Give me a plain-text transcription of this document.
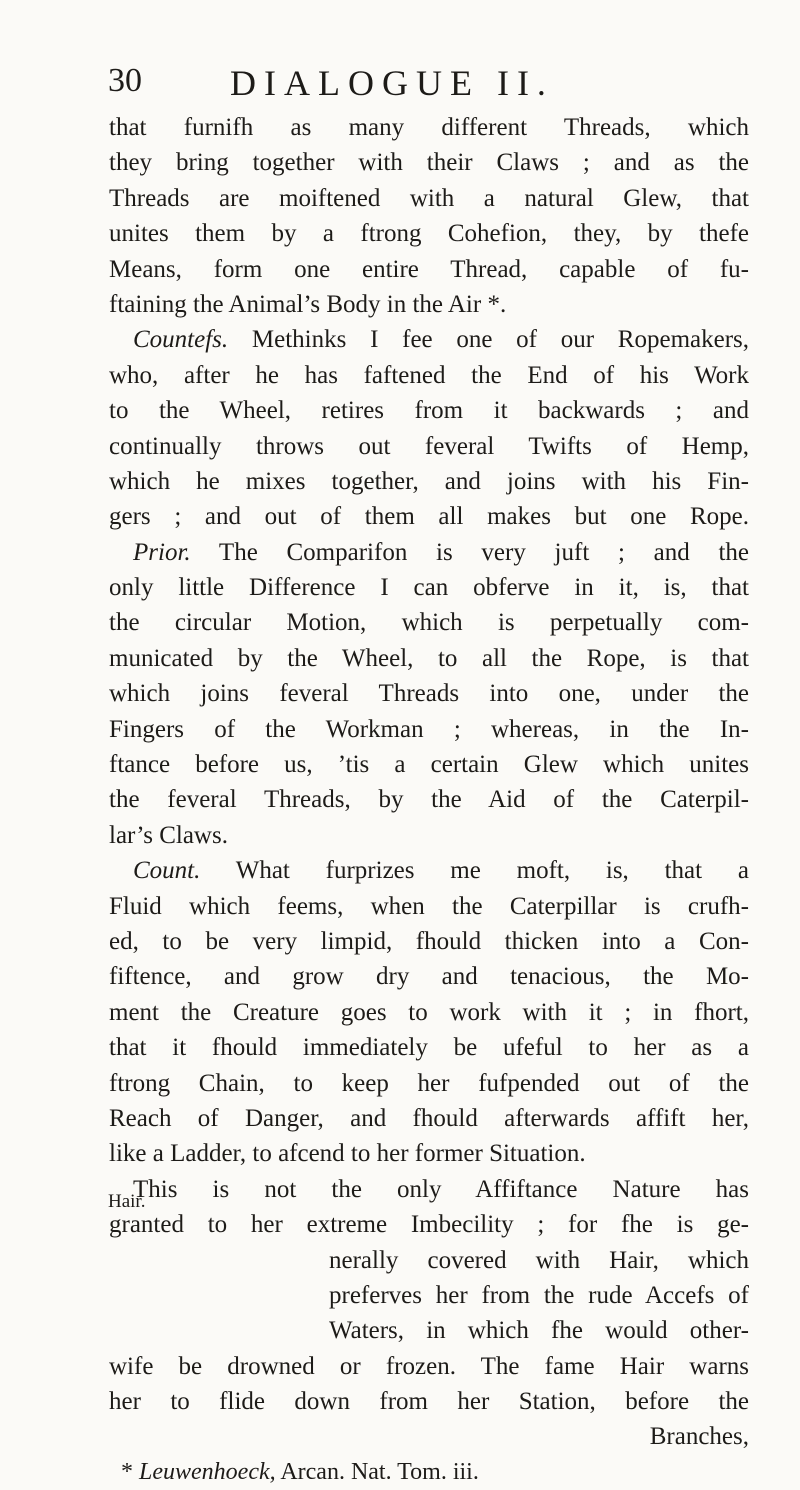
30 DIALOGUE II.
that furnifh as many different Threads, which
they bring together with their Claws ; and as the
Threads are moiftened with a natural Glew, that
unites them by a ftrong Cohefion, they, by thefe
Means, form one entire Thread, capable of fu-
ftaining the Animal’s Body in the Air *.
Countefs. Methinks I fee one of our Ropemakers,
who, after he has faftened the End of his Work
to the Wheel, retires from it backwards ; and
continually throws out feveral Twifts of Hemp,
which he mixes together, and joins with his Fin-
gers ; and out of them all makes but one Rope.
Prior. The Comparifon is very juft ; and the
only little Difference I can obferve in it, is, that
the circular Motion, which is perpetually com-
municated by the Wheel, to all the Rope, is that
which joins feveral Threads into one, under the
Fingers of the Workman ; whereas, in the In-
ftance before us, ’tis a certain Glew which unites
the feveral Threads, by the Aid of the Caterpil-
lar’s Claws.
Count. What furprizes me moft, is, that a
Fluid which feems, when the Caterpillar is crufh-
ed, to be very limpid, fhould thicken into a Con-
fiftence, and grow dry and tenacious, the Mo-
ment the Creature goes to work with it ; in fhort,
that it fhould immediately be ufeful to her as a
ftrong Chain, to keep her fufpended out of the
Reach of Danger, and fhould afterwards affift her,
like a Ladder, to afcend to her former Situation.
This is not the only Affiftance Nature has
granted to her extreme Imbecility ; for fhe is ge-
nerally covered with Hair, which
preferves her from the rude Accefs of
Waters, in which fhe would other-
wife be drowned or frozen. The fame Hair warns
her to flide down from her Station, before the
Branches,
* Leuwenhoeck, Arcan. Nat. Tom. iii.
Hair.
